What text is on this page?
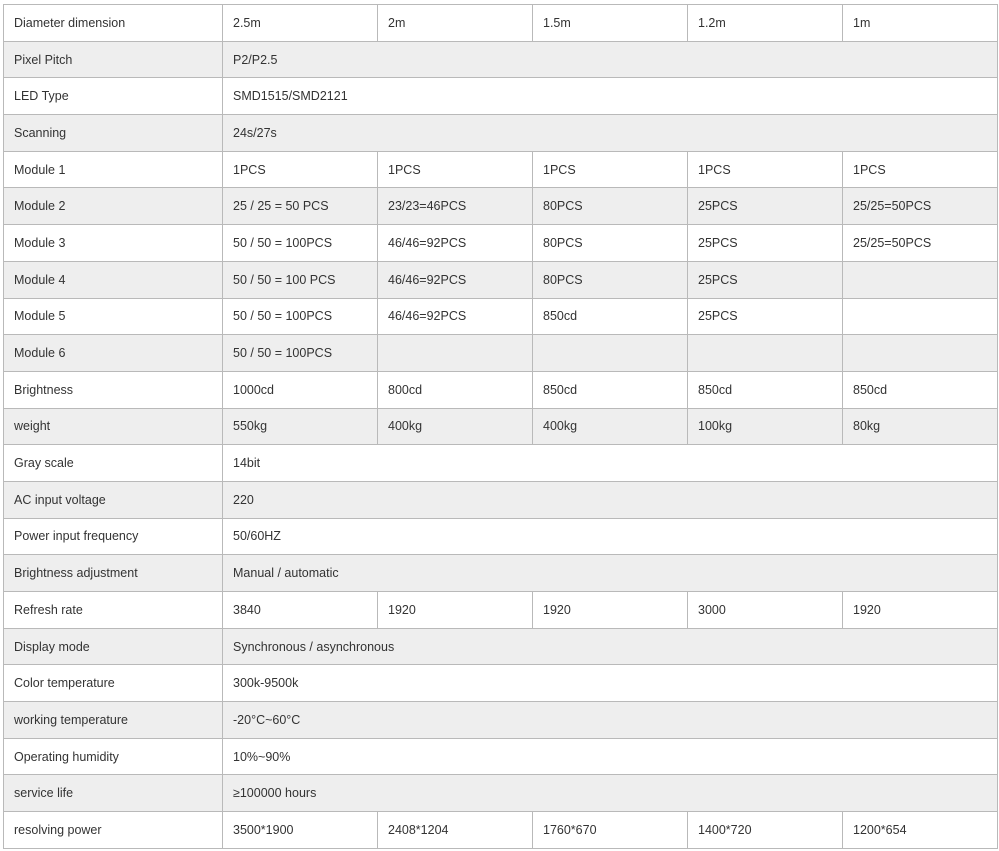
Diameter dimension	2.5m	2m	1.5m	1.2m	1m
Pixel Pitch	P2/P2.5				
LED Type	SMD1515/SMD2121				
Scanning	24s/27s				
Module 1	1PCS	1PCS	1PCS	1PCS	1PCS
Module 2	25 / 25 = 50 PCS	23/23=46PCS	80PCS	25PCS	25/25=50PCS
Module 3	50 / 50 = 100PCS	46/46=92PCS	80PCS	25PCS	25/25=50PCS
Module 4	50 / 50 = 100 PCS	46/46=92PCS	80PCS	25PCS	
Module 5	50 / 50 = 100PCS	46/46=92PCS	850cd	25PCS	
Module 6	50 / 50 = 100PCS				
Brightness	1000cd	800cd	850cd	850cd	850cd
weight	550kg	400kg	400kg	100kg	80kg
Gray scale	14bit				
AC input voltage	220				
Power input frequency	50/60HZ				
Brightness adjustment	Manual / automatic				
Refresh rate	3840	1920	1920	3000	1920
Display mode	Synchronous / asynchronous				
Color temperature	300k-9500k				
working temperature	-20°C~60°C				
Operating humidity	10%~90%				
service life	≥100000 hours				
resolving power	3500*1900	2408*1204	1760*670	1400*720	1200*654
